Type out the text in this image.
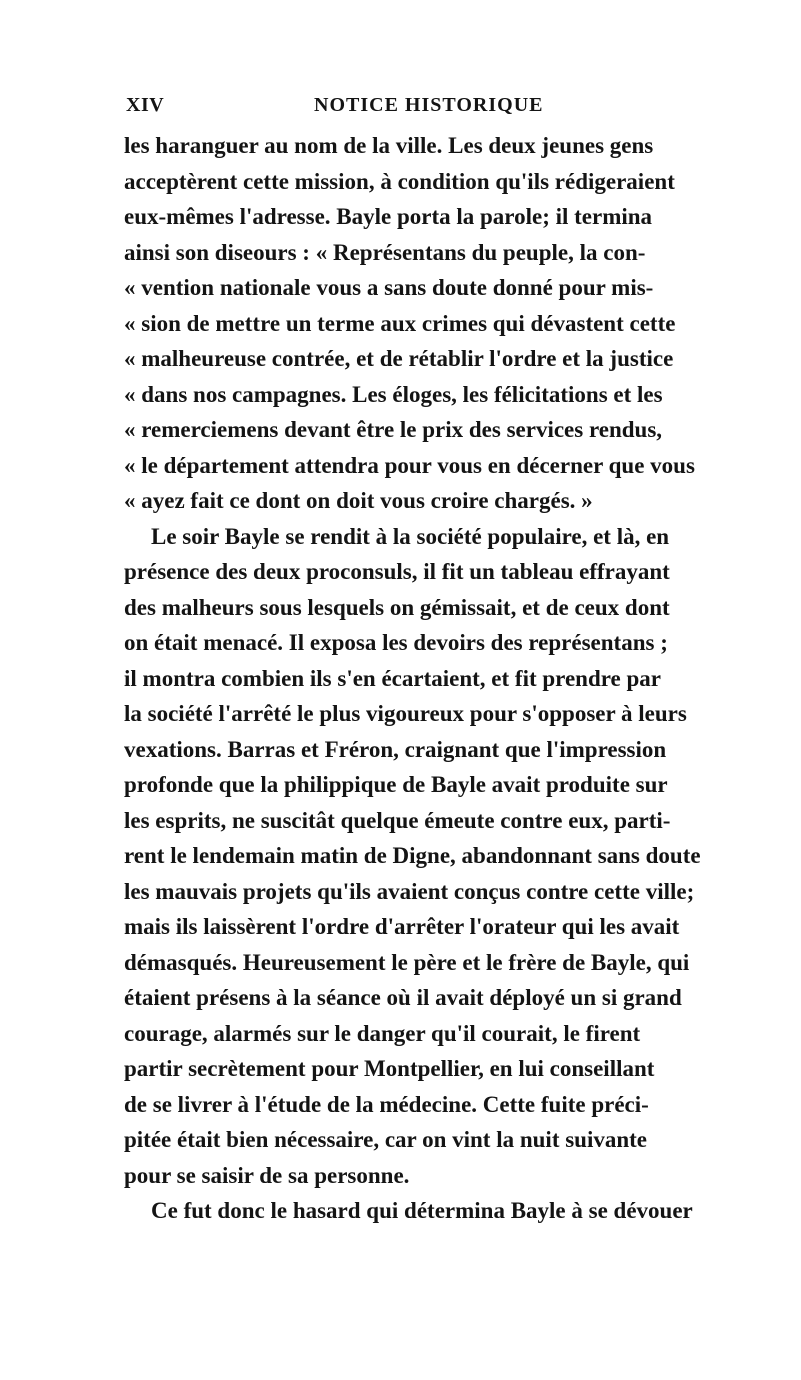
XIV	NOTICE HISTORIQUE
les haranguer au nom de la ville. Les deux jeunes gens
acceptèrent cette mission, à condition qu'ils rédigeraient
eux-mêmes l'adresse. Bayle porta la parole; il termina
ainsi son diseours : « Représentans du peuple, la con-
« vention nationale vous a sans doute donné pour mis-
« sion de mettre un terme aux crimes qui dévastent cette
« malheureuse contrée, et de rétablir l'ordre et la justice
« dans nos campagnes. Les éloges, les félicitations et les
« remerciemens devant être le prix des services rendus,
« le département attendra pour vous en décerner que vous
« ayez fait ce dont on doit vous croire chargés. »
Le soir Bayle se rendit à la société populaire, et là, en
présence des deux proconsuls, il fit un tableau effrayant
des malheurs sous lesquels on gémissait, et de ceux dont
on était menacé. Il exposa les devoirs des représentans ;
il montra combien ils s'en écartaient, et fit prendre par
la société l'arrêté le plus vigoureux pour s'opposer à leurs
vexations. Barras et Fréron, craignant que l'impression
profonde que la philippique de Bayle avait produite sur
les esprits, ne suscitât quelque émeute contre eux, parti-
rent le lendemain matin de Digne, abandonnant sans doute
les mauvais projets qu'ils avaient conçus contre cette ville;
mais ils laissèrent l'ordre d'arrêter l'orateur qui les avait
démasqués. Heureusement le père et le frère de Bayle, qui
étaient présens à la séance où il avait déployé un si grand
courage, alarmés sur le danger qu'il courait, le firent
partir secrètement pour Montpellier, en lui conseillant
de se livrer à l'étude de la médecine. Cette fuite préci-
pitée était bien nécessaire, car on vint la nuit suivante
pour se saisir de sa personne.
Ce fut donc le hasard qui détermina Bayle à se dévouer
